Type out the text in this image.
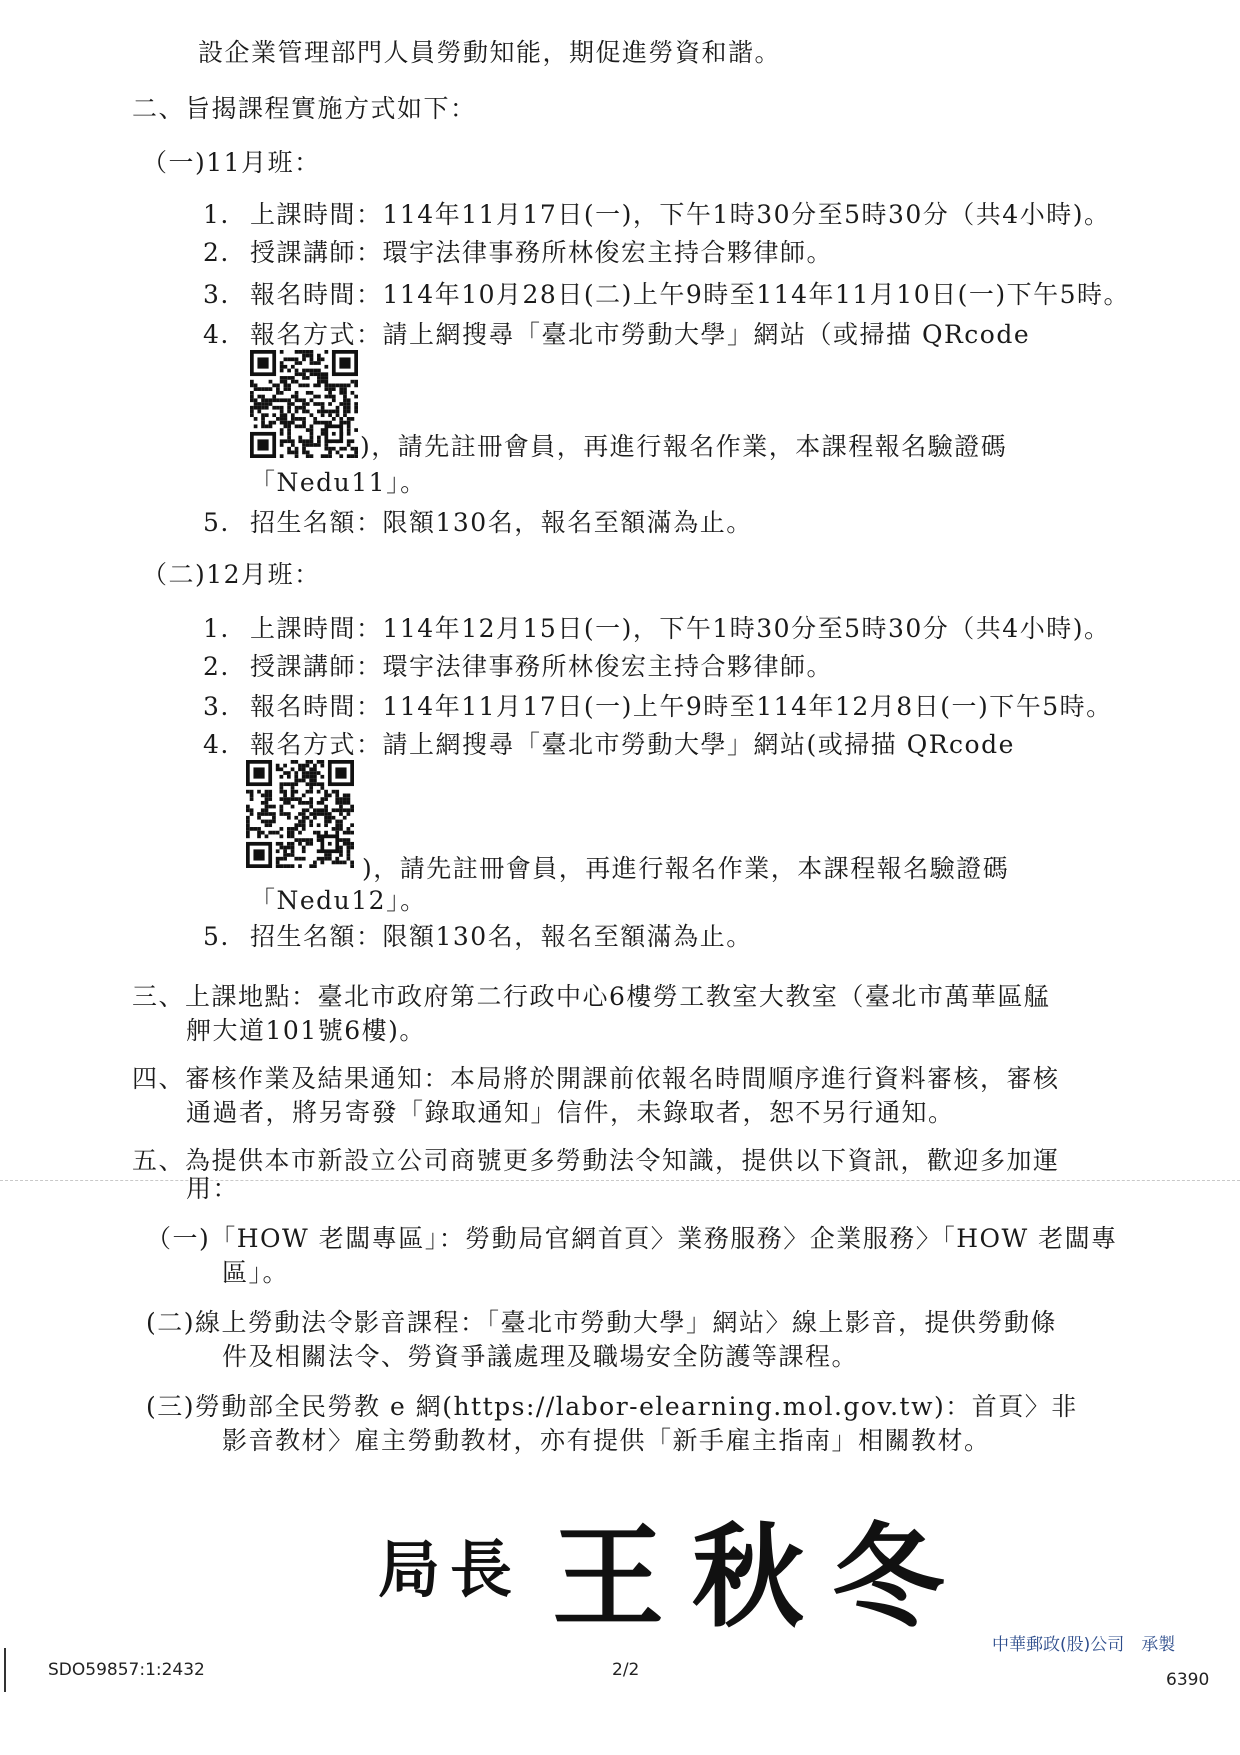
設企業管理部門人員勞動知能，期促進勞資和諧。
二、旨揭課程實施方式如下：
（一)11月班：
1. 上課時間：114年11月17日(一)，下午1時30分至5時30分（共4小時)。
2. 授課講師：環宇法律事務所林俊宏主持合夥律師。
3. 報名時間：114年10月28日(二)上午9時至114年11月10日(一)下午5時。
4. 報名方式：請上網搜尋「臺北市勞動大學」網站（或掃描 QRcode
)，請先註冊會員，再進行報名作業，本課程報名驗證碼
「Nedu11」。
5. 招生名額：限額130名，報名至額滿為止。
（二)12月班：
1. 上課時間：114年12月15日(一)，下午1時30分至5時30分（共4小時)。
2. 授課講師：環宇法律事務所林俊宏主持合夥律師。
3. 報名時間：114年11月17日(一)上午9時至114年12月8日(一)下午5時。
4. 報名方式：請上網搜尋「臺北市勞動大學」網站(或掃描 QRcode
)，請先註冊會員，再進行報名作業，本課程報名驗證碼
「Nedu12」。
5. 招生名額：限額130名，報名至額滿為止。
三、上課地點：臺北市政府第二行政中心6樓勞工教室大教室（臺北市萬華區艋
舺大道101號6樓)。
四、審核作業及結果通知：本局將於開課前依報名時間順序進行資料審核，審核
通過者，將另寄發「錄取通知」信件，未錄取者，恕不另行通知。
五、為提供本市新設立公司商號更多勞動法令知識，提供以下資訊，歡迎多加運
用：
（一)「HOW 老闆專區」：勞動局官網首頁〉業務服務〉企業服務〉「HOW 老闆專
區」。
(二)線上勞動法令影音課程：「臺北市勞動大學」網站〉線上影音，提供勞動條
件及相關法令、勞資爭議處理及職場安全防護等課程。
(三)勞動部全民勞教 e 網(https://labor-elearning.mol.gov.tw)：首頁〉非
影音教材〉雇主勞動教材，亦有提供「新手雇主指南」相關教材。
局長 王秋冬
SDO59857:1:2432	2/2
中華郵政(股)公司　承製
6390
